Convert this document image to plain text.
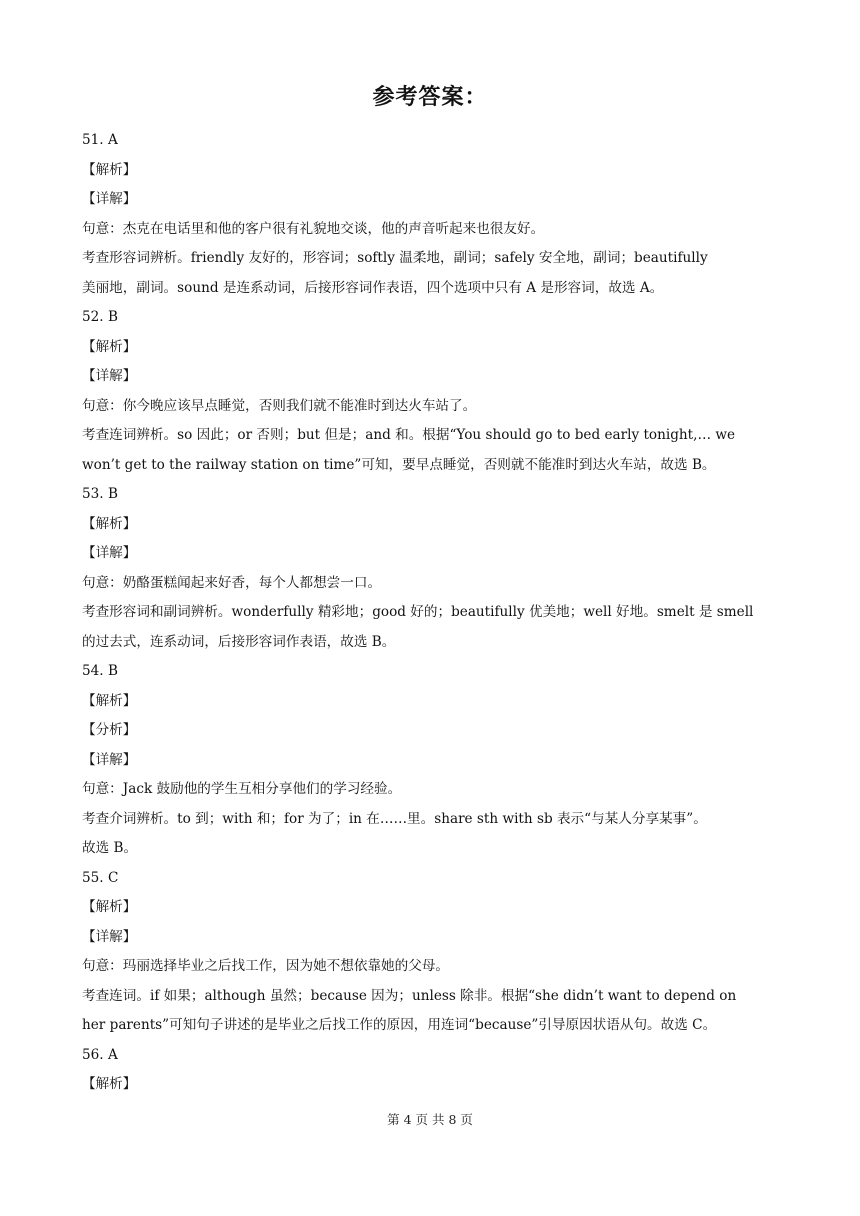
参考答案：
51. A
【解析】
【详解】
句意：杰克在电话里和他的客户很有礼貌地交谈，他的声音听起来也很友好。
考查形容词辨析。friendly 友好的，形容词；softly 温柔地，副词；safely 安全地，副词；beautifully
美丽地，副词。sound 是连系动词，后接形容词作表语，四个选项中只有 A 是形容词，故选 A。
52. B
【解析】
【详解】
句意：你今晚应该早点睡觉，否则我们就不能准时到达火车站了。
考查连词辨析。so 因此；or 否则；but 但是；and 和。根据“You should go to bed early tonight,… we
won’t get to the railway station on time”可知，要早点睡觉，否则就不能准时到达火车站，故选 B。
53. B
【解析】
【详解】
句意：奶酪蛋糕闻起来好香，每个人都想尝一口。
考查形容词和副词辨析。wonderfully 精彩地；good 好的；beautifully 优美地；well 好地。smelt 是 smell
的过去式，连系动词，后接形容词作表语，故选 B。
54. B
【解析】
【分析】
【详解】
句意：Jack 鼓励他的学生互相分享他们的学习经验。
考查介词辨析。to 到；with 和；for 为了；in 在……里。share sth with sb 表示“与某人分享某事”。
故选 B。
55. C
【解析】
【详解】
句意：玛丽选择毕业之后找工作，因为她不想依靠她的父母。
考查连词。if 如果；although 虽然；because 因为；unless 除非。根据“she didn’t want to depend on
her parents”可知句子讲述的是毕业之后找工作的原因，用连词“because”引导原因状语从句。故选 C。
56. A
【解析】
第 4 页 共 8 页
